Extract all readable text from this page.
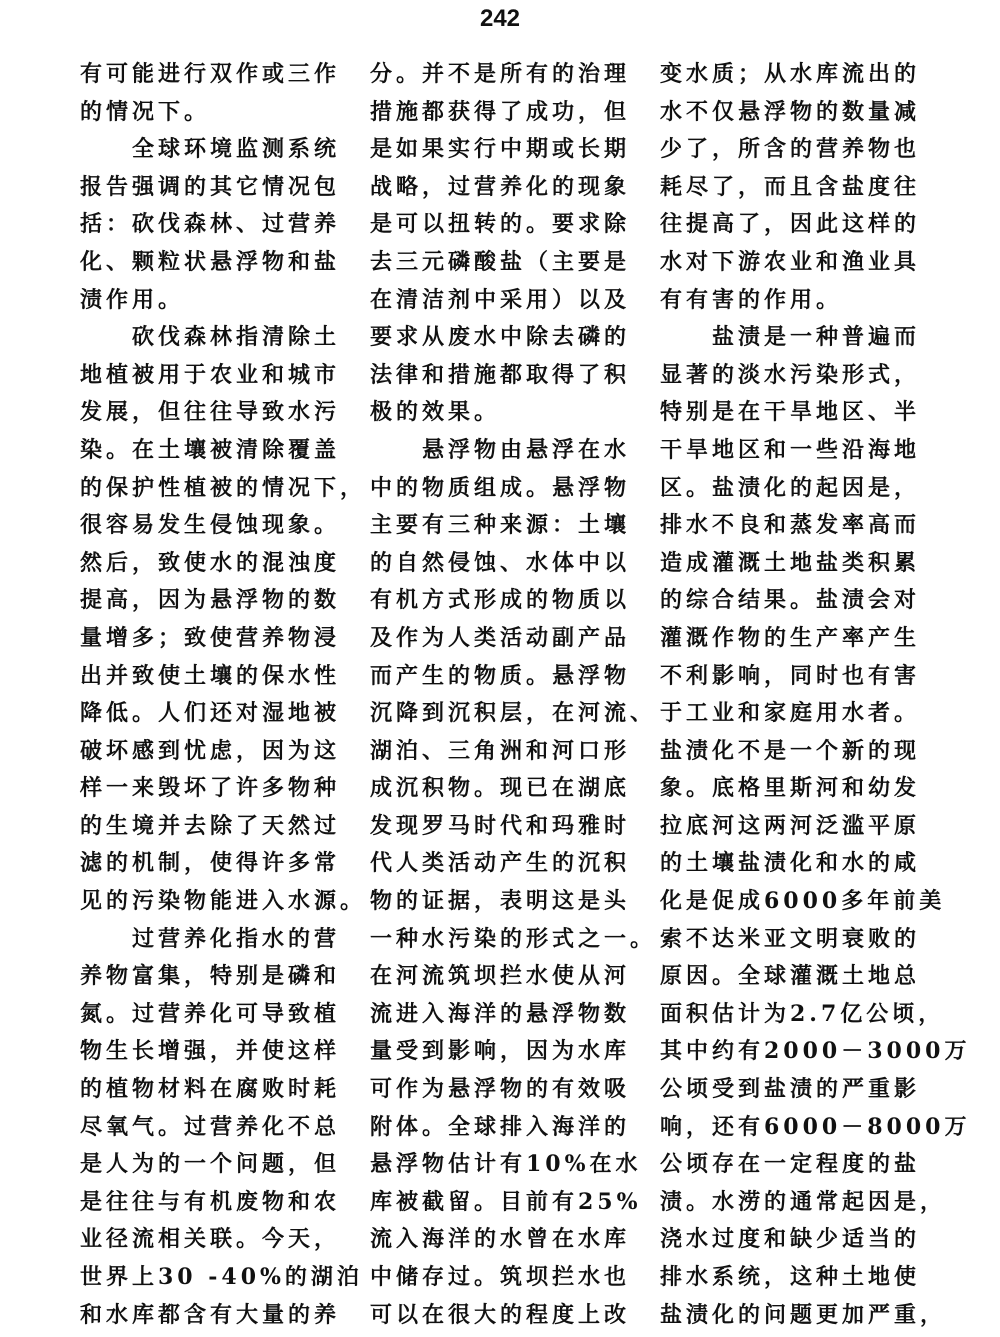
242
有可能进行双作或三作
的情况下。
全球环境监测系统
报告强调的其它情况包
括：砍伐森林、过营养
化、颗粒状悬浮物和盐
渍作用。
砍伐森林指清除土
地植被用于农业和城市
发展，但往往导致水污
染。在土壤被清除覆盖
的保护性植被的情况下，
很容易发生侵蚀现象。
然后，致使水的混浊度
提高，因为悬浮物的数
量增多；致使营养物浸
出并致使土壤的保水性
降低。人们还对湿地被
破坏感到忧虑，因为这
样一来毁坏了许多物种
的生境并去除了天然过
滤的机制，使得许多常
见的污染物能进入水源。
过营养化指水的营
养物富集，特别是磷和
氮。过营养化可导致植
物生长增强，并使这样
的植物材料在腐败时耗
尽氧气。过营养化不总
是人为的一个问题，但
是往往与有机废物和农
业径流相关联。今天，
世界上30 -40%的湖泊
和水库都含有大量的养
分。并不是所有的治理
措施都获得了成功，但
是如果实行中期或长期
战略，过营养化的现象
是可以扭转的。要求除
去三元磷酸盐（主要是
在清洁剂中采用）以及
要求从废水中除去磷的
法律和措施都取得了积
极的效果。
悬浮物由悬浮在水
中的物质组成。悬浮物
主要有三种来源：土壤
的自然侵蚀、水体中以
有机方式形成的物质以
及作为人类活动副产品
而产生的物质。悬浮物
沉降到沉积层，在河流、
湖泊、三角洲和河口形
成沉积物。现已在湖底
发现罗马时代和玛雅时
代人类活动产生的沉积
物的证据，表明这是头
一种水污染的形式之一。
在河流筑坝拦水使从河
流进入海洋的悬浮物数
量受到影响，因为水库
可作为悬浮物的有效吸
附体。全球排入海洋的
悬浮物估计有10%在水
库被截留。目前有25%
流入海洋的水曾在水库
中储存过。筑坝拦水也
可以在很大的程度上改
变水质；从水库流出的
水不仅悬浮物的数量减
少了，所含的营养物也
耗尽了，而且含盐度往
往提高了，因此这样的
水对下游农业和渔业具
有有害的作用。
盐渍是一种普遍而
显著的淡水污染形式，
特别是在干旱地区、半
干旱地区和一些沿海地
区。盐渍化的起因是，
排水不良和蒸发率高而
造成灌溉土地盐类积累
的综合结果。盐渍会对
灌溉作物的生产率产生
不利影响，同时也有害
于工业和家庭用水者。
盐渍化不是一个新的现
象。底格里斯河和幼发
拉底河这两河泛滥平原
的土壤盐渍化和水的咸
化是促成6000多年前美
索不达米亚文明衰败的
原因。全球灌溉土地总
面积估计为2.7亿公顷，
其中约有2000－3000万
公顷受到盐渍的严重影
响，还有6000－8000万
公顷存在一定程度的盐
渍。水涝的通常起因是，
浇水过度和缺少适当的
排水系统，这种土地使
盐渍化的问题更加严重，
